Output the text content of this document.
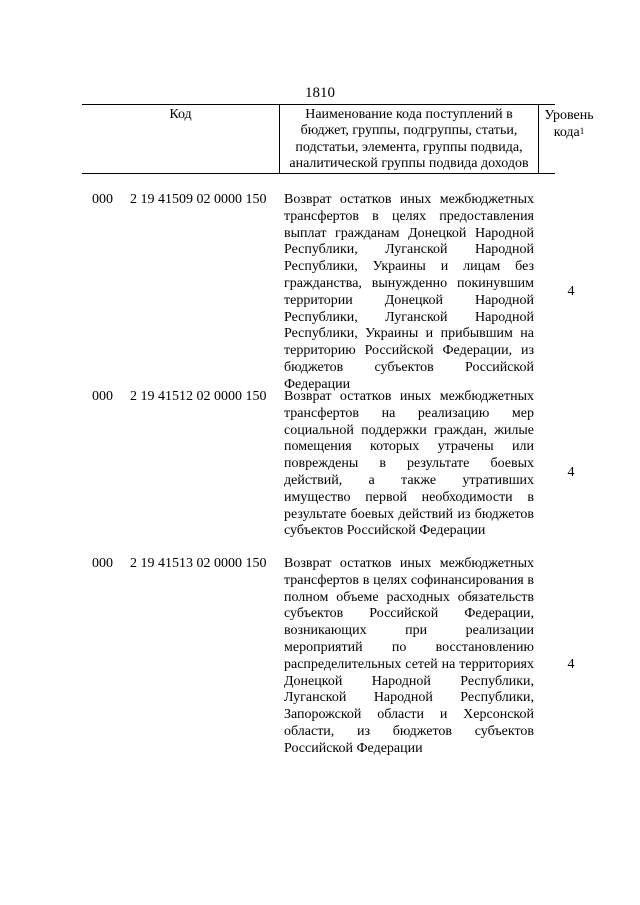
1810
Код	Наименование кода поступлений в бюджет, группы, подгруппы, статьи, подстатьи, элемента, группы подвида, аналитической группы подвида доходов
Уровень кода$^1$
000 2 19 41509 02 0000 150 Возврат остатков иных межбюджетных трансфертов в целях предоставления выплат гражданам Донецкой Народной Республики, Луганской Народной Республики, Украины и лицам без гражданства, вынужденно покинувшим территории Донецкой Народной Республики, Луганской Народной Республики, Украины и прибывшим на территорию Российской Федерации, из бюджетов субъектов Российской Федерации
4
000 2 19 41512 02 0000 150 Возврат остатков иных межбюджетных трансфертов на реализацию мер социальной поддержки граждан, жилые помещения которых утрачены или повреждены в результате боевых действий, а также утративших имущество первой необходимости в результате боевых действий из бюджетов субъектов Российской Федерации
4
000 2 19 41513 02 0000 150 Возврат остатков иных межбюджетных трансфертов в целях софинансирования в полном объеме расходных обязательств субъектов Российской Федерации, возникающих при реализации мероприятий по восстановлению распределительных сетей на территориях Донецкой Народной Республики, Луганской Народной Республики, Запорожской области и Херсонской области, из бюджетов субъектов Российской Федерации
4
